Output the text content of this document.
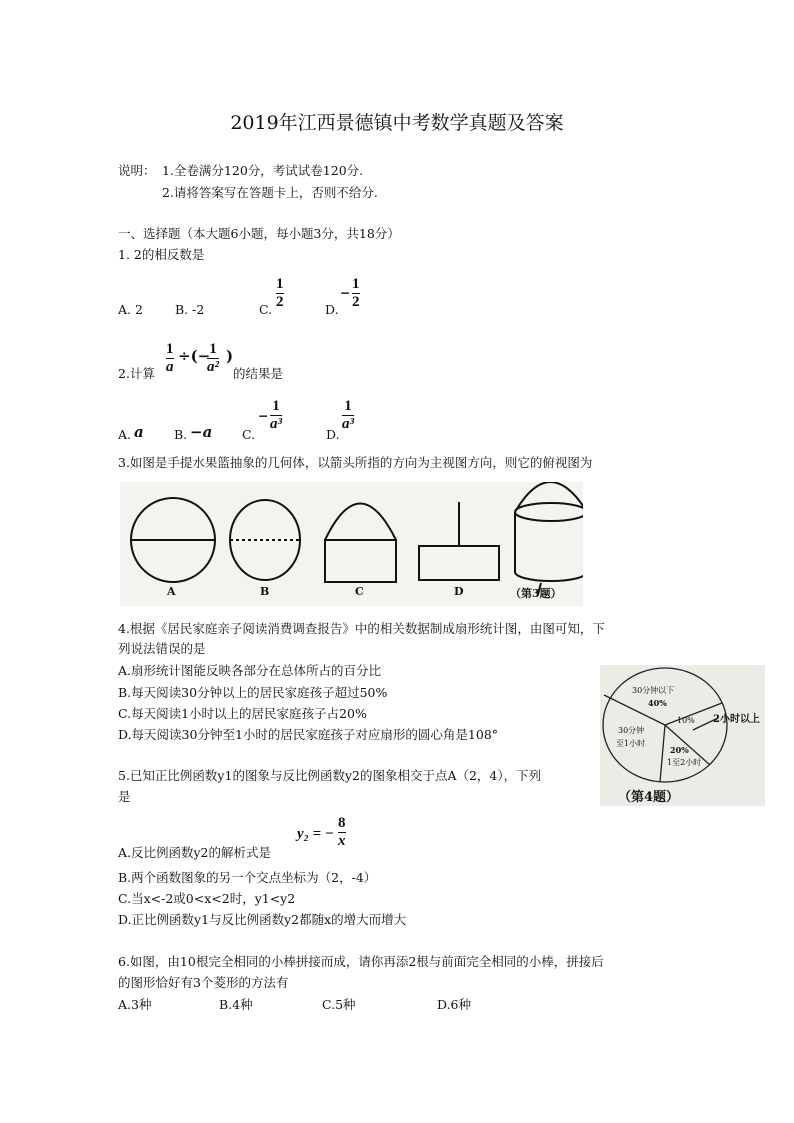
2019年江西景德镇中考数学真题及答案
说明： 1.全卷满分120分，考试试卷120分.
2.请将答案写在答题卡上，否则不给分.
一、选择题（本大题6小题，每小题3分，共18分）
1. 2的相反数是
A. 2	B. -2	C.
1
2	D.
−
1
2
2.计算
1
a
÷(− 1
a²
)
的结果是
A. a B. −a C.
−
1
a³
D.
1
a³
3.如图是手提水果篮抽象的几何体，以箭头所指的方向为主视图方向，则它的俯视图为
A	B	C	D	（第3题）
4.根据《居民家庭亲子阅读消费调查报告》中的相关数据制成扇形统计图，由图可知，下
列说法错误的是
A.扇形统计图能反映各部分在总体所占的百分比
B.每天阅读30分钟以上的居民家庭孩子超过50%
C.每天阅读1小时以上的居民家庭孩子占20%
D.每天阅读30分钟至1小时的居民家庭孩子对应扇形的圆心角是108°
30分钟以下
40%
30分钟
至1小时
10%
20%
1至2小时
2小时以上
（第4题）
5.已知正比例函数y1的图象与反比例函数y2的图象相交于点A（2，4），下列
是
A.反比例函数y2的解析式是
y₂ = −
8
x
B.两个函数图象的另一个交点坐标为（2，-4）
C.当x<-2或0<x<2时，y1<y2
D.正比例函数y1与反比例函数y2都随x的增大而增大
6.如图，由10根完全相同的小棒拼接而成，请你再添2根与前面完全相同的小棒，拼接后
的图形恰好有3个菱形的方法有
A.3种	B.4种	C.5种	D.6种
